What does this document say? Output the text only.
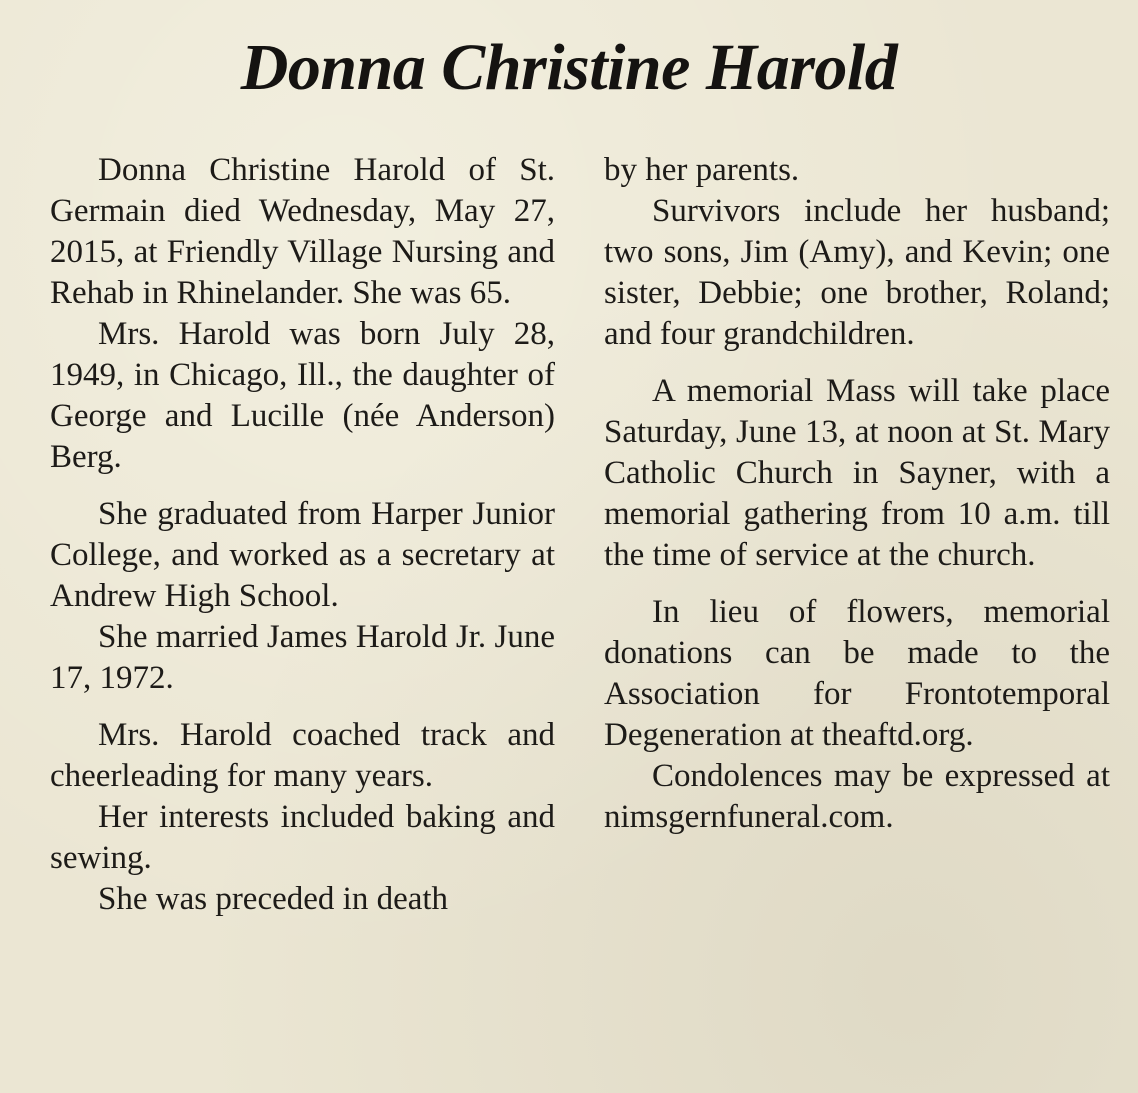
Donna Christine Harold

Donna Christine Harold of St. Germain died Wednesday, May 27, 2015, at Friendly Village Nursing and Rehab in Rhinelander. She was 65.

Mrs. Harold was born July 28, 1949, in Chicago, Ill., the daughter of George and Lucille (née Anderson) Berg.

She graduated from Harper Junior College, and worked as a secretary at Andrew High School.

She married James Harold Jr. June 17, 1972.

Mrs. Harold coached track and cheerleading for many years.

Her interests included baking and sewing.

She was preceded in death

by her parents.

Survivors include her husband; two sons, Jim (Amy), and Kevin; one sister, Debbie; one brother, Roland; and four grandchildren.

A memorial Mass will take place Saturday, June 13, at noon at St. Mary Catholic Church in Sayner, with a memorial gathering from 10 a.m. till the time of service at the church.

In lieu of flowers, memorial donations can be made to the Association for Frontotemporal Degeneration at theaftd.org.

Condolences may be expressed at nimsgernfuneral.com.
